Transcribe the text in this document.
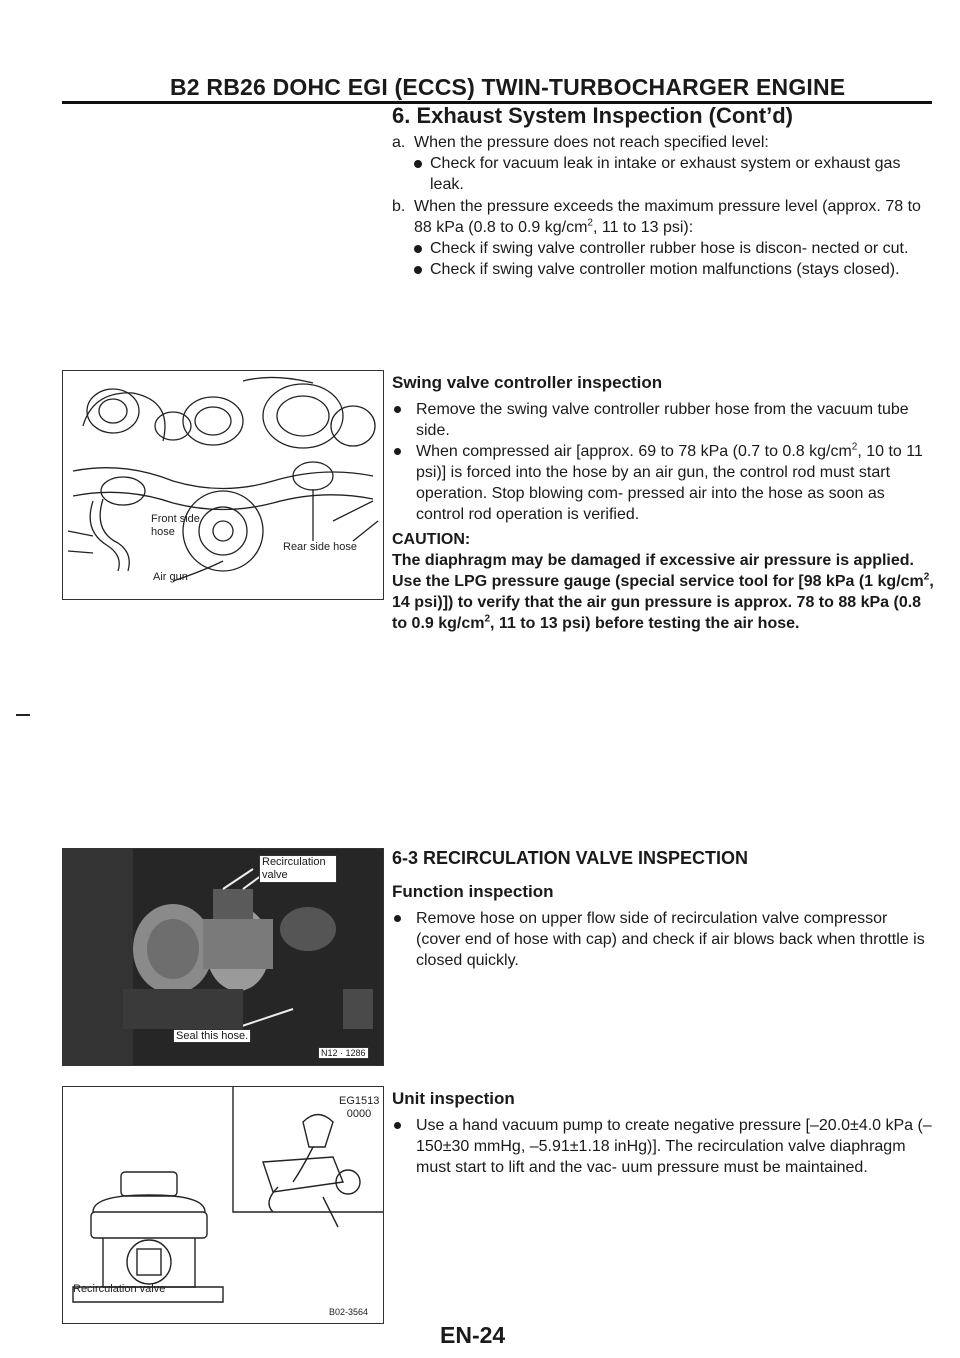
B2 RB26 DOHC EGI (ECCS) TWIN-TURBOCHARGER ENGINE
6. Exhaust System Inspection (Cont’d)

a. When the pressure does not reach specified level:

Check for vacuum leak in intake or exhaust system or exhaust gas leak.

b. When the pressure exceeds the maximum pressure level (approx. 78 to 88 kPa (0.8 to 0.9 $kg/cm^2$, 11 to 13 psi):

Check if swing valve controller rubber hose is discon- nected or cut.

Check if swing valve controller motion malfunctions (stays closed).

Front side hose
Rear side hose
Air gun

Swing valve controller inspection

Remove the swing valve controller rubber hose from the vacuum tube side.

When compressed air [approx. 69 to 78 kPa (0.7 to 0.8 $kg/cm^2$, 10 to 11 psi)] is forced into the hose by an air gun, the control rod must start operation. Stop blowing com- pressed air into the hose as soon as control rod operation is verified.

CAUTION:

The diaphragm may be damaged if excessive air pressure is applied. Use the LPG pressure gauge (special service tool for [98 kPa (1 $kg/cm^2$, 14 psi)]) to verify that the air gun pressure is approx. 78 to 88 kPa (0.8 to 0.9 $kg/cm^2$, 11 to 13 psi) before testing the air hose.

Recirculation valve
Seal this hose.
N12 · 1286

6-3 RECIRCULATION VALVE INSPECTION

Function inspection

Remove hose on upper flow side of recirculation valve compressor (cover end of hose with cap) and check if air blows back when throttle is closed quickly.

EG1513 0000
Recirculation valve
B02-3564

Unit inspection

Use a hand vacuum pump to create negative pressure [–20.0±4.0 kPa (–150±30 mmHg, –5.91±1.18 inHg)]. The recirculation valve diaphragm must start to lift and the vac- uum pressure must be maintained.

EN-24
